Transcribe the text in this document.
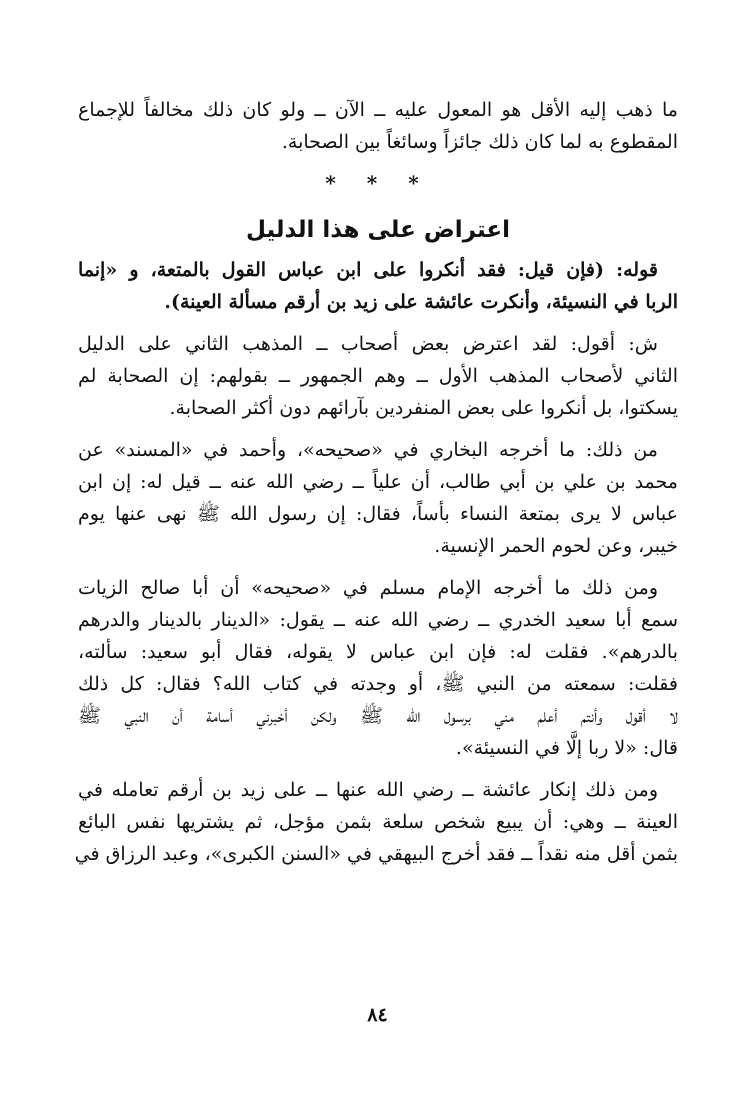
ما ذهب إليه الأقل هو المعول عليه ــ الآن ــ ولو كان ذلك مخالفاً للإجماع
المقطوع به لما كان ذلك جائزاً وسائغاً بين الصحابة.
* * *
اعتراض على هذا الدليل
قوله: (فإن قيل: فقد أنكروا على ابن عباس القول بالمتعة، و «إنما
الربا في النسيئة، وأنكرت عائشة على زيد بن أرقم مسألة العينة).
ش: أقول: لقد اعترض بعض أصحاب ــ المذهب الثاني على الدليل
الثاني لأصحاب المذهب الأول ــ وهم الجمهور ــ بقولهم: إن الصحابة لم
يسكتوا، بل أنكروا على بعض المنفردين بآرائهم دون أكثر الصحابة.
من ذلك: ما أخرجه البخاري في «صحيحه»، وأحمد في «المسند» عن
محمد بن علي بن أبي طالب، أن علياً ــ رضي الله عنه ــ قيل له: إن ابن
عباس لا يرى بمتعة النساء بأساً، فقال: إن رسول الله ﷺ نهى عنها يوم
خيبر، وعن لحوم الحمر الإنسية.
ومن ذلك ما أخرجه الإمام مسلم في «صحيحه» أن أبا صالح الزيات
سمع أبا سعيد الخدري ــ رضي الله عنه ــ يقول: «الدينار بالدينار والدرهم
بالدرهم». فقلت له: فإن ابن عباس لا يقوله، فقال أبو سعيد: سألته،
فقلت: سمعته من النبي ﷺ، أو وجدته في كتاب الله؟ فقال: كل ذلك
لا أقول وأنتم أعلم مني برسول الله ﷺ ولكن أخبرني أسامة أن النبي ﷺ
قال: «لا ربا إلَّا في النسيئة».
ومن ذلك إنكار عائشة ــ رضي الله عنها ــ على زيد بن أرقم تعامله في
العينة ــ وهي: أن يبيع شخص سلعة بثمن مؤجل، ثم يشتريها نفس البائع
بثمن أقل منه نقداً ــ فقد أخرج البيهقي في «السنن الكبرى»، وعبد الرزاق في
٨٤
